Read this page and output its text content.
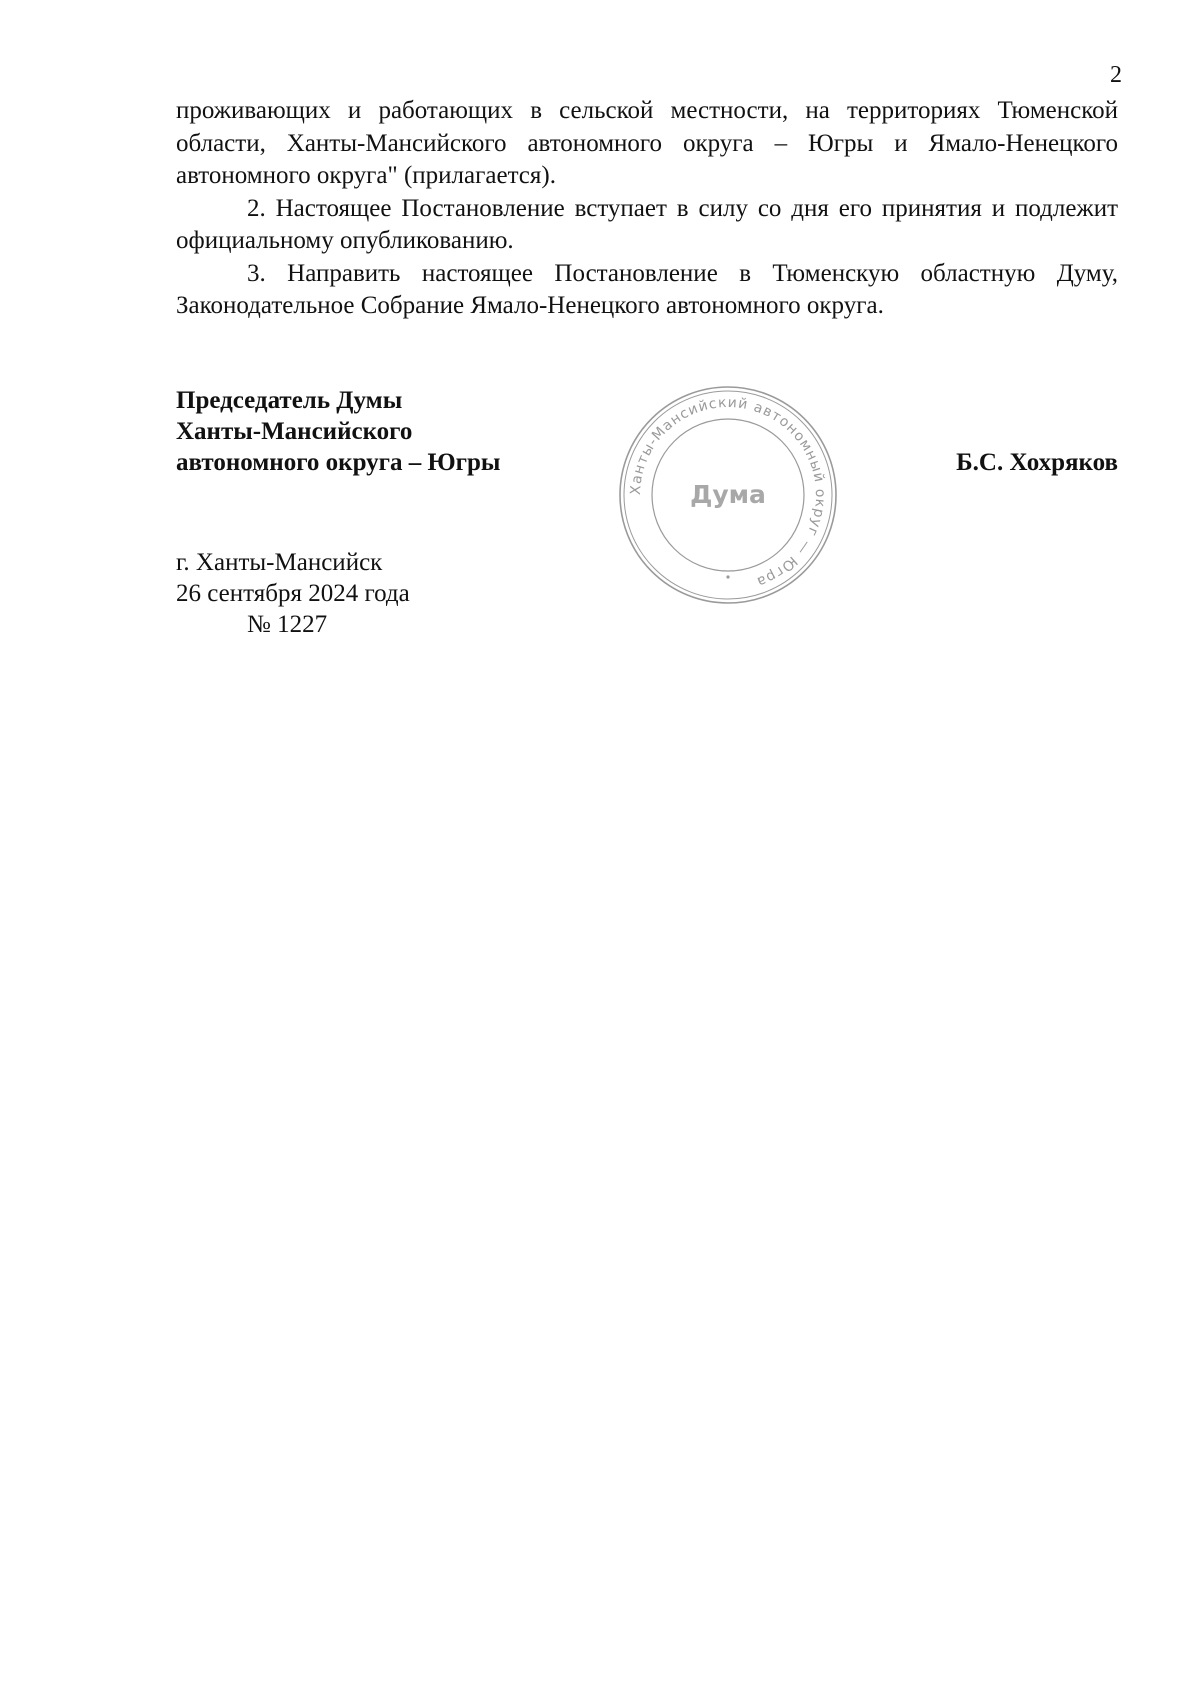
2

проживающих и работающих в сельской местности, на территориях Тюменской области, Ханты-Мансийского автономного округа – Югры и Ямало-Ненецкого автономного округа" (прилагается).

2. Настоящее Постановление вступает в силу со дня его принятия и подлежит официальному опубликованию.

3. Направить настоящее Постановление в Тюменскую областную Думу, Законодательное Собрание Ямало-Ненецкого автономного округа.

Председатель Думы
Ханты-Мансийского
автономного округа – Югры	Б.С. Хохряков
Ханты-Мансийский автономный округ — Югра
Дума
г. Ханты-Мансийск
26 сентября 2024 года
№ 1227
